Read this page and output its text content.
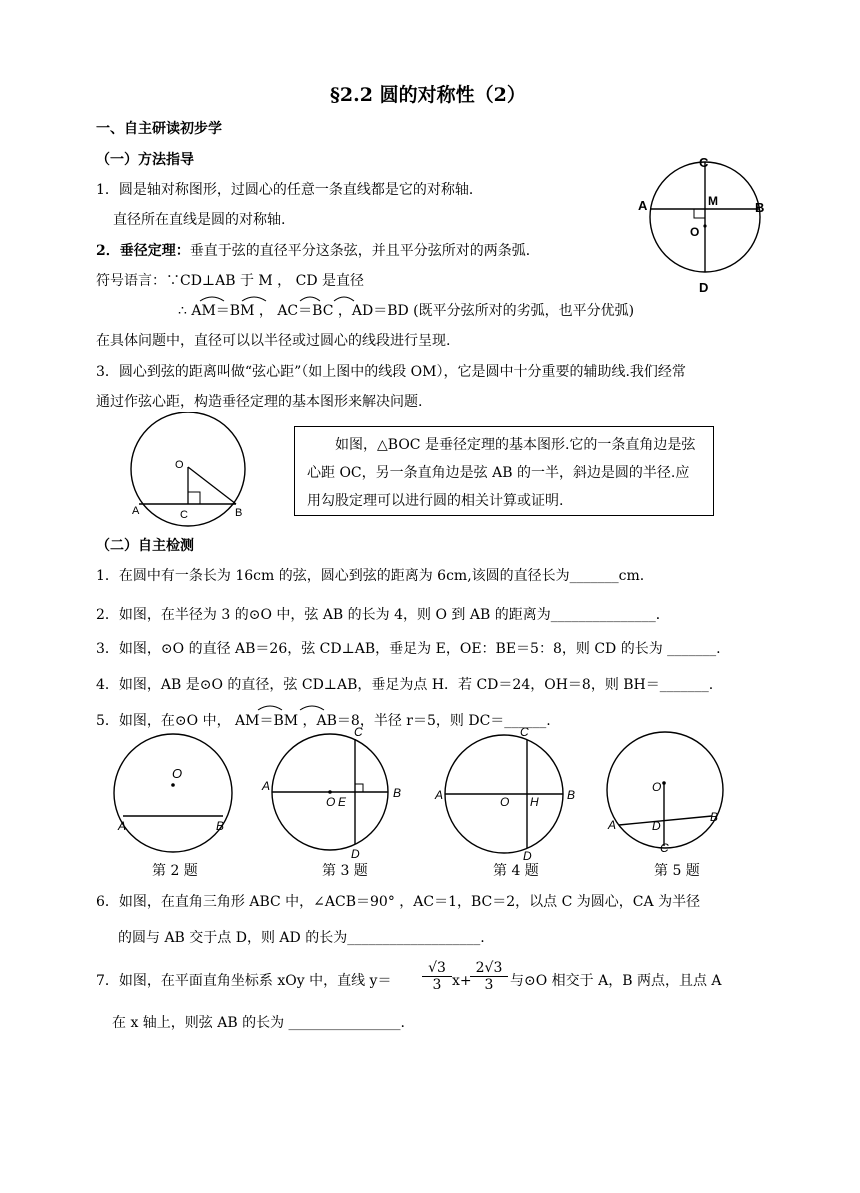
§2.2 圆的对称性（2）
一、自主研读初步学
（一）方法指导
1．圆是轴对称图形，过圆心的任意一条直线都是它的对称轴．
直径所在直线是圆的对称轴.
2．垂径定理：垂直于弦的直径平分这条弦，并且平分弦所对的两条弧．
符号语言：∵CD⊥AB 于 M ， CD 是直径
∴ AM＝BM ， AC＝BC ，AD＝BD (既平分弦所对的劣弧，也平分优弧)
在具体问题中，直径可以以半径或过圆心的线段进行呈现.
3．圆心到弦的距离叫做“弦心距”（如上图中的线段 OM），它是圆中十分重要的辅助线.我们经常
通过作弦心距，构造垂径定理的基本图形来解决问题.
C
A	B
M
O
D
O
A	C	B
如图，△BOC 是垂径定理的基本图形.它的一条直角边是弦心距 OC，另一条直角边是弦 AB 的一半，斜边是圆的半径.应用勾股定理可以进行圆的相关计算或证明.
（二）自主检测
1．在圆中有一条长为 16cm 的弦，圆心到弦的距离为 6cm,该圆的直径长为_______cm.
2．如图，在半径为 3 的⊙O 中，弦 AB 的长为 4，则 O 到 AB 的距离为_______________．
3．如图，⊙O 的直径 AB＝26，弦 CD⊥AB，垂足为 E，OE：BE＝5：8，则 CD 的长为 _______.
4．如图，AB 是⊙O 的直径，弦 CD⊥AB，垂足为点 H．若 CD＝24，OH＝8，则 BH＝_______.
5．如图，在⊙O 中， AM＝BM ，AB＝8，半径 r＝5，则 DC＝______.
O
A	B
A	B
C
D
O E	A	B
C
D
O H
O
A
B
D
C
第 2 题	第 3 题	第 4 题	第 5 题
6．如图，在直角三角形 ABC 中，∠ACB＝90° ，AC＝1，BC＝2，以点 C 为圆心，CA 为半径
的圆与 AB 交于点 D，则 AD 的长为___________________.
7．如图，在平面直角坐标系 xOy 中，直线 $y= \frac{√3}{3} x+$
$\frac{2√3}{3}$ 与⊙O 相交于 A，B 两点，且点 A
在 x 轴上，则弦 AB 的长为 ________________.
